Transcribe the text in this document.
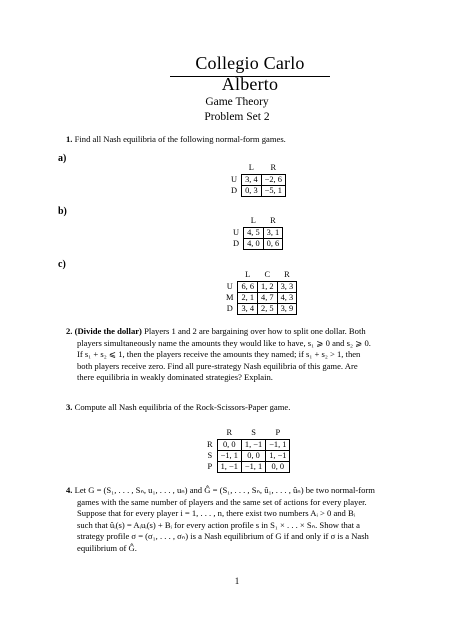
Collegio Carlo Alberto
Game Theory
Problem Set 2
1. Find all Nash equilibria of the following normal-form games.
a)
	L	R
U	3, 4	−2, 6
D	0, 3	−5, 1
b)
	L	R
U	4, 5	3, 1
D	4, 0	0, 6
c)
	L	C	R
U	6, 6	1, 2	3, 3
M	2, 1	4, 7	4, 3
D	3, 4	2, 5	3, 9
2. (Divide the dollar) Players 1 and 2 are bargaining over how to split one dollar. Both
players simultaneously name the amounts they would like to have, s₁ ⩾ 0 and s₂ ⩾ 0.
If s₁ + s₂ ⩽ 1, then the players receive the amounts they named; if s₁ + s₂ > 1, then
both players receive zero. Find all pure-strategy Nash equilibria of this game. Are
there equilibria in weakly dominated strategies? Explain.
3. Compute all Nash equilibria of the Rock-Scissors-Paper game.
	R	S	P
R	0, 0	1, −1	−1, 1
S	−1, 1	0, 0	1, −1
P	1, −1	−1, 1	0, 0
4. Let G = (S₁, . . . , Sₙ, u₁, . . . , uₙ) and Ĝ = (S₁, . . . , Sₙ, û₁, . . . , ûₙ) be two normal-form
games with the same number of players and the same set of actions for every player.
Suppose that for every player i = 1, . . . , n, there exist two numbers Aᵢ > 0 and Bᵢ
such that ûᵢ(s) = Aᵢuᵢ(s) + Bᵢ for every action profile s in S₁ × . . . × Sₙ. Show that a
strategy profile σ = (σ₁, . . . , σₙ) is a Nash equilibrium of G if and only if σ is a Nash
equilibrium of Ĝ.
1
